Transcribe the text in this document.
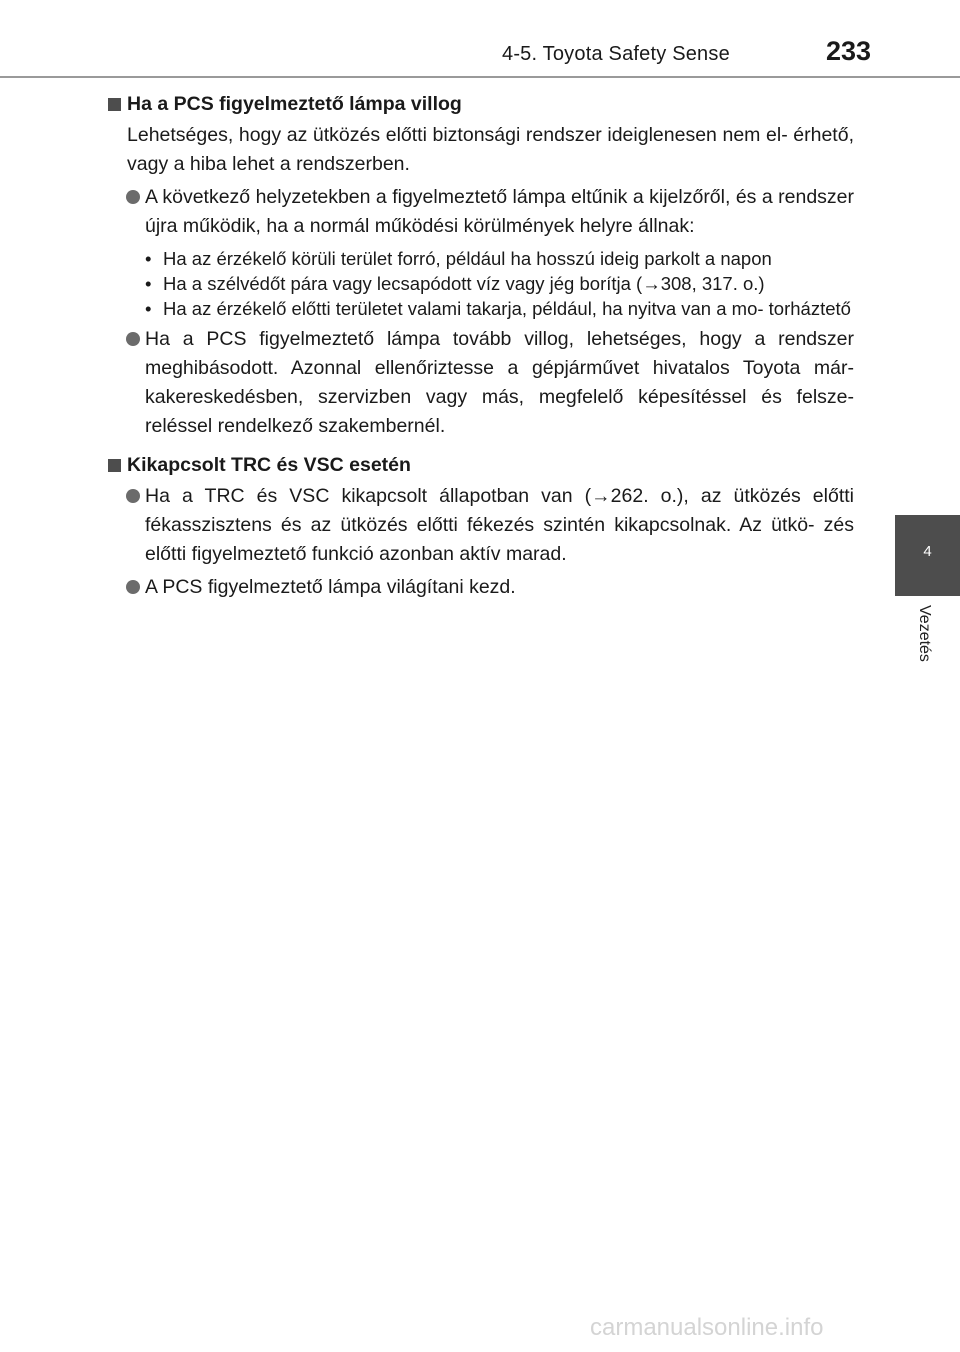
4-5. Toyota Safety Sense	233
4
Vezetés
Ha a PCS figyelmeztető lámpa villog
Lehetséges, hogy az ütközés előtti biztonsági rendszer ideiglenesen nem el- érhető, vagy a hiba lehet a rendszerben.
A következő helyzetekben a figyelmeztető lámpa eltűnik a kijelzőről, és a rendszer újra működik, ha a normál működési körülmények helyre állnak:
• Ha az érzékelő körüli terület forró, például ha hosszú ideig parkolt a napon
• Ha a szélvédőt pára vagy lecsapódott víz vagy jég borítja (→308, 317. o.)
• Ha az érzékelő előtti területet valami takarja, például, ha nyitva van a mo- torháztető
Ha a PCS figyelmeztető lámpa tovább villog, lehetséges, hogy a rendszer meghibásodott. Azonnal ellenőriztesse a gépjárművet hivatalos Toyota már- kakereskedésben, szervizben vagy más, megfelelő képesítéssel és felsze- reléssel rendelkező szakembernél.
Kikapcsolt TRC és VSC esetén
Ha a TRC és VSC kikapcsolt állapotban van (→262. o.), az ütközés előtti fékasszisztens és az ütközés előtti fékezés szintén kikapcsolnak. Az ütkö- zés előtti figyelmeztető funkció azonban aktív marad.
A PCS figyelmeztető lámpa világítani kezd.
carmanualsonline.info
